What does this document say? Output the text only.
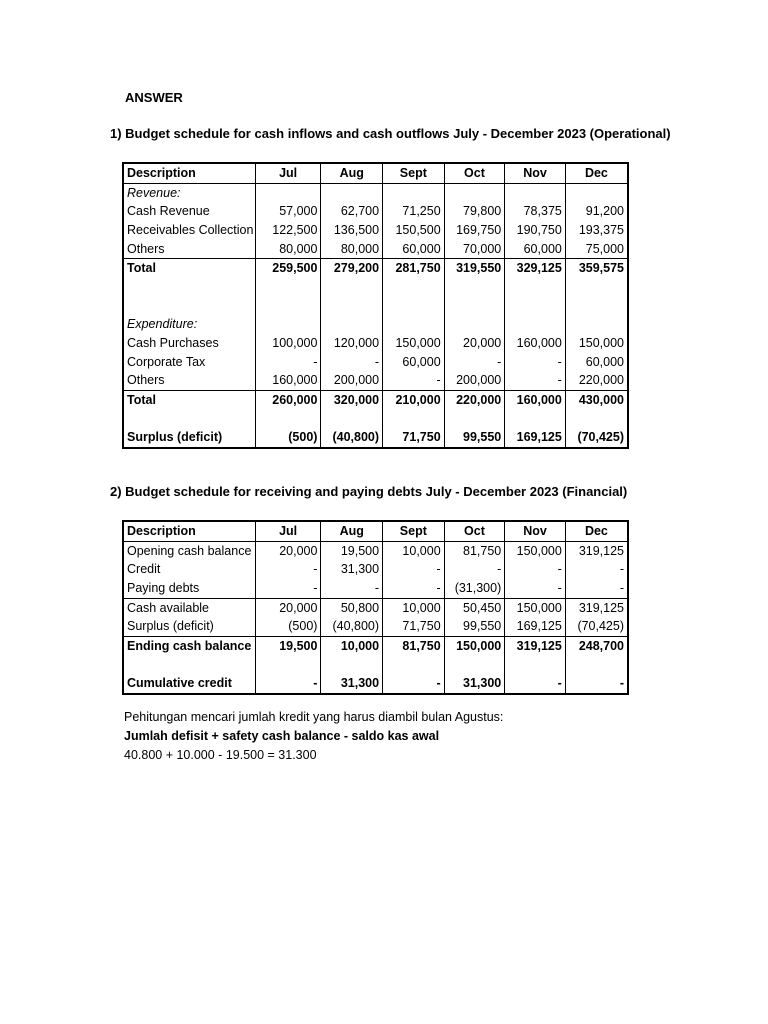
ANSWER
1) Budget schedule for cash inflows and cash outflows July - December 2023 (Operational)
Description	Jul	Aug	Sept	Oct	Nov	Dec
Revenue:						
Cash Revenue	57,000	62,700	71,250	79,800	78,375	91,200
Receivables Collection	122,500	136,500	150,500	169,750	190,750	193,375
Others	80,000	80,000	60,000	70,000	60,000	75,000
Total	259,500	279,200	281,750	319,550	329,125	359,575

Expenditure:						
Cash Purchases	100,000	120,000	150,000	20,000	160,000	150,000
Corporate Tax	-	-	60,000	-	-	60,000
Others	160,000	200,000	-	200,000	-	220,000
Total	260,000	320,000	210,000	220,000	160,000	430,000

Surplus (deficit)	(500)	(40,800)	71,750	99,550	169,125	(70,425)
2) Budget schedule for receiving and paying debts July - December 2023 (Financial)
Description	Jul	Aug	Sept	Oct	Nov	Dec
Opening cash balance	20,000	19,500	10,000	81,750	150,000	319,125
Credit	-	31,300	-	-	-	-
Paying debts	-	-	-	(31,300)	-	-
Cash available	20,000	50,800	10,000	50,450	150,000	319,125
Surplus (deficit)	(500)	(40,800)	71,750	99,550	169,125	(70,425)
Ending cash balance	19,500	10,000	81,750	150,000	319,125	248,700

Cumulative credit	-	31,300	-	31,300	-	-
Pehitungan mencari jumlah kredit yang harus diambil bulan Agustus:
Jumlah defisit + safety cash balance - saldo kas awal
40.800 + 10.000 - 19.500 = 31.300
